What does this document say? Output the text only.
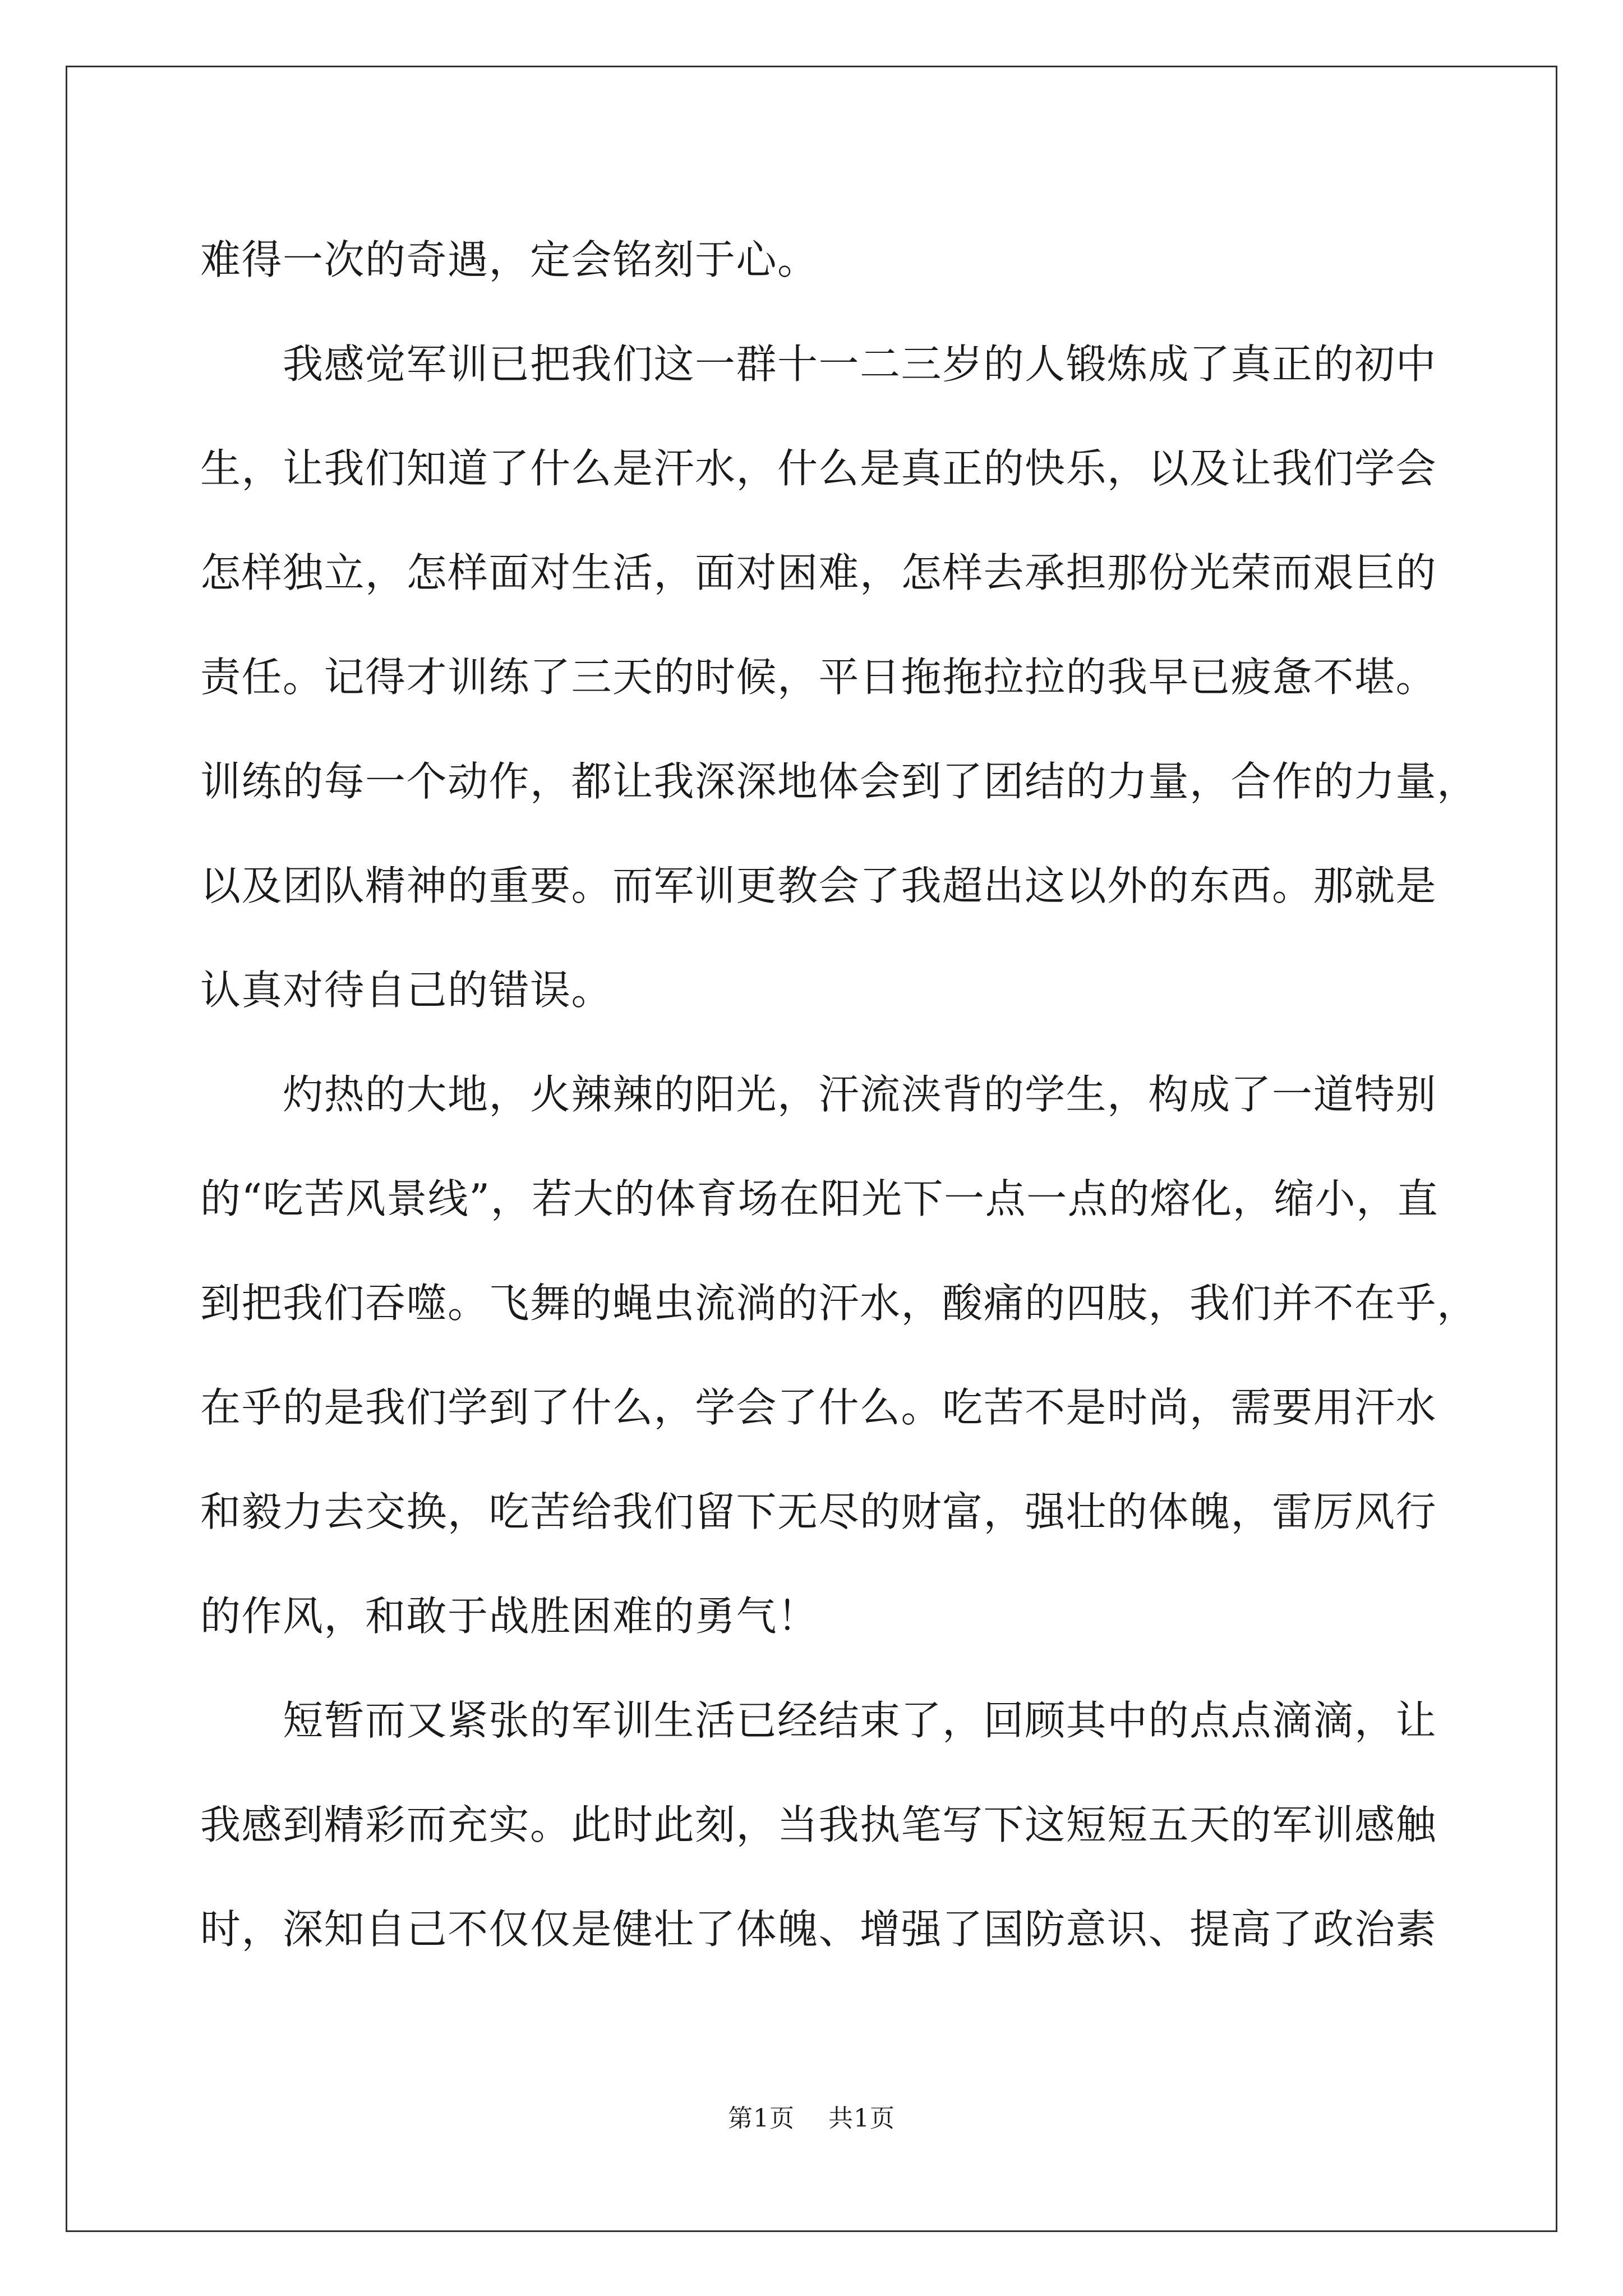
难得一次的奇遇，定会铭刻于心。
　　我感觉军训已把我们这一群十一二三岁的人锻炼成了真正的初中
生，让我们知道了什么是汗水，什么是真正的快乐，以及让我们学会
怎样独立，怎样面对生活，面对困难，怎样去承担那份光荣而艰巨的
责任。记得才训练了三天的时候，平日拖拖拉拉的我早已疲惫不堪。
训练的每一个动作，都让我深深地体会到了团结的力量，合作的力量，
以及团队精神的重要。而军训更教会了我超出这以外的东西。那就是
认真对待自己的错误。
　　灼热的大地，火辣辣的阳光，汗流浃背的学生，构成了一道特别
的“吃苦风景线”，若大的体育场在阳光下一点一点的熔化，缩小，直
到把我们吞噬。飞舞的蝇虫流淌的汗水，酸痛的四肢，我们并不在乎，
在乎的是我们学到了什么，学会了什么。吃苦不是时尚，需要用汗水
和毅力去交换，吃苦给我们留下无尽的财富，强壮的体魄，雷厉风行
的作风，和敢于战胜困难的勇气！
　　短暂而又紧张的军训生活已经结束了，回顾其中的点点滴滴，让
我感到精彩而充实。此时此刻，当我执笔写下这短短五天的军训感触
时，深知自己不仅仅是健壮了体魄、增强了国防意识、提高了政治素
第1页 共1页
